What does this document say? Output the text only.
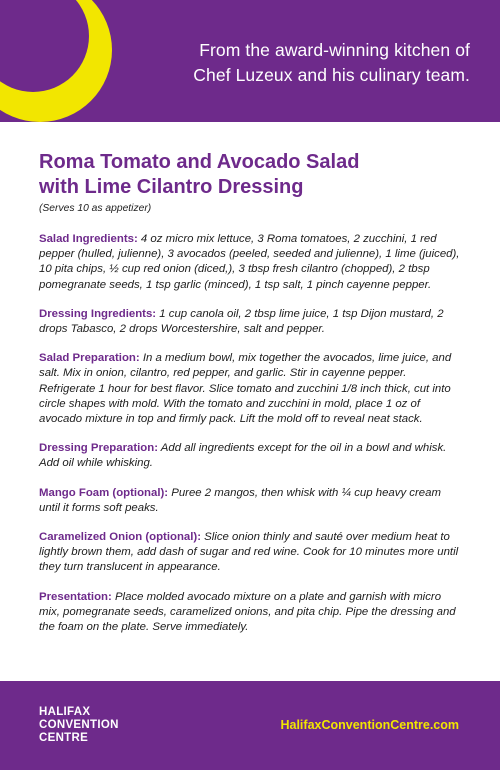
From the award-winning kitchen of
Chef Luzeux and his culinary team.
Roma Tomato and Avocado Salad
with Lime Cilantro Dressing
(Serves 10 as appetizer)

Salad Ingredients: 4 oz micro mix lettuce, 3 Roma tomatoes, 2 zucchini, 1 red pepper (hulled, julienne), 3 avocados (peeled, seeded and julienne), 1 lime (juiced), 10 pita chips, ½ cup red onion (diced,), 3 tbsp fresh cilantro (chopped), 2 tbsp pomegranate seeds, 1 tsp garlic (minced), 1 tsp salt, 1 pinch cayenne pepper.

Dressing Ingredients: 1 cup canola oil, 2 tbsp lime juice, 1 tsp Dijon mustard, 2 drops Tabasco, 2 drops Worcestershire, salt and pepper.

Salad Preparation: In a medium bowl, mix together the avocados, lime juice, and salt. Mix in onion, cilantro, red pepper, and garlic. Stir in cayenne pepper. Refrigerate 1 hour for best flavor. Slice tomato and zucchini 1/8 inch thick, cut into circle shapes with mold. With the tomato and zucchini in mold, place 1 oz of avocado mixture in top and firmly pack. Lift the mold off to reveal neat stack.

Dressing Preparation: Add all ingredients except for the oil in a bowl and whisk. Add oil while whisking.

Mango Foam (optional): Puree 2 mangos, then whisk with ¼ cup heavy cream until it forms soft peaks.

Caramelized Onion (optional): Slice onion thinly and sauté over medium heat to lightly brown them, add dash of sugar and red wine. Cook for 10 minutes more until they turn translucent in appearance.

Presentation: Place molded avocado mixture on a plate and garnish with micro mix, pomegranate seeds, caramelized onions, and pita chip. Pipe the dressing and the foam on the plate. Serve immediately.

HALIFAX
CONVENTION
CENTRE
HalifaxConventionCentre.com
